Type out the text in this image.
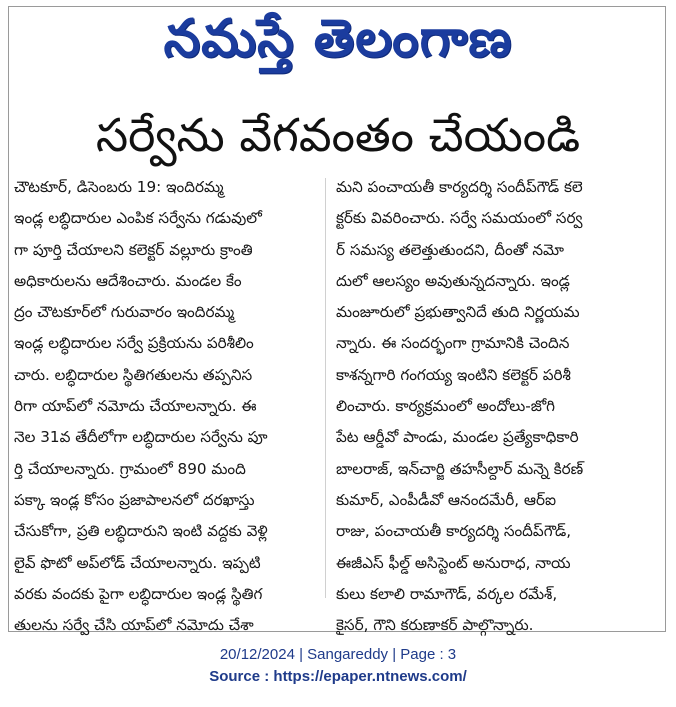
నమస్తే తెలంగాణ
సర్వేను వేగవంతం చేయండి
చౌటకూర్, డిసెంబరు 19: ఇందిరమ్మ
ఇండ్ల లబ్ధిదారుల ఎంపిక సర్వేను గడువులో
గా పూర్తి చేయాలని కలెక్టర్ వల్లూరు క్రాంతి
అధికారులను ఆదేశించారు. మండల కేం
ద్రం చౌటకూర్‌లో గురువారం ఇందిరమ్మ
ఇండ్ల లబ్ధిదారుల సర్వే ప్రక్రియను పరిశీలిం
చారు. లబ్ధిదారుల స్థితిగతులను తప్పనిస
రిగా యాప్‌లో నమోదు చేయాలన్నారు. ఈ
నెల 31వ తేదీలోగా లబ్ధిదారుల సర్వేను పూ
ర్తి చేయాలన్నారు. గ్రామంలో 890 మంది
పక్కా ఇండ్ల కోసం ప్రజాపాలనలో దరఖాస్తు
చేసుకోగా, ప్రతి లబ్ధిదారుని ఇంటి వద్దకు వెళ్లి
లైవ్ ఫొటో అప్‌లోడ్ చేయాలన్నారు. ఇప్పటి
వరకు వందకు పైగా లబ్ధిదారుల ఇండ్ల స్థితిగ
తులను సర్వే చేసి యాప్‌లో నమోదు చేశా
మని పంచాయతీ కార్యదర్శి సందీప్‌గౌడ్ కలె
క్టర్‌కు వివరించారు. సర్వే సమయంలో సర్వ
ర్ సమస్య తలెత్తుతుందని, దీంతో నమో
దులో ఆలస్యం అవుతున్నదన్నారు. ఇండ్ల
మంజూరులో ప్రభుత్వానిదే తుది నిర్ణయమ
న్నారు. ఈ సందర్భంగా గ్రామానికి చెందిన
కాశన్నగారి గంగయ్య ఇంటిని కలెక్టర్ పరిశీ
లించారు. కార్యక్రమంలో అందోలు-జోగి
పేట ఆర్డీవో పాండు, మండల ప్రత్యేకాధికారి
బాలరాజ్, ఇన్‌చార్జి తహసీల్దార్ మన్నె కిరణ్
కుమార్, ఎంపీడీవో ఆనందమేరీ, ఆర్‌ఐ
రాజు, పంచాయతీ కార్యదర్శి సందీప్‌గౌడ్,
ఈజీఎస్ ఫీల్డ్ అసిస్టెంట్ అనురాధ, నాయ
కులు కలాలి రామాగౌడ్, వర్కల రమేశ్,
కైసర్, గౌని కరుణాకర్ పాల్గొన్నారు.
20/12/2024 | Sangareddy | Page : 3
Source : https://epaper.ntnews.com/
